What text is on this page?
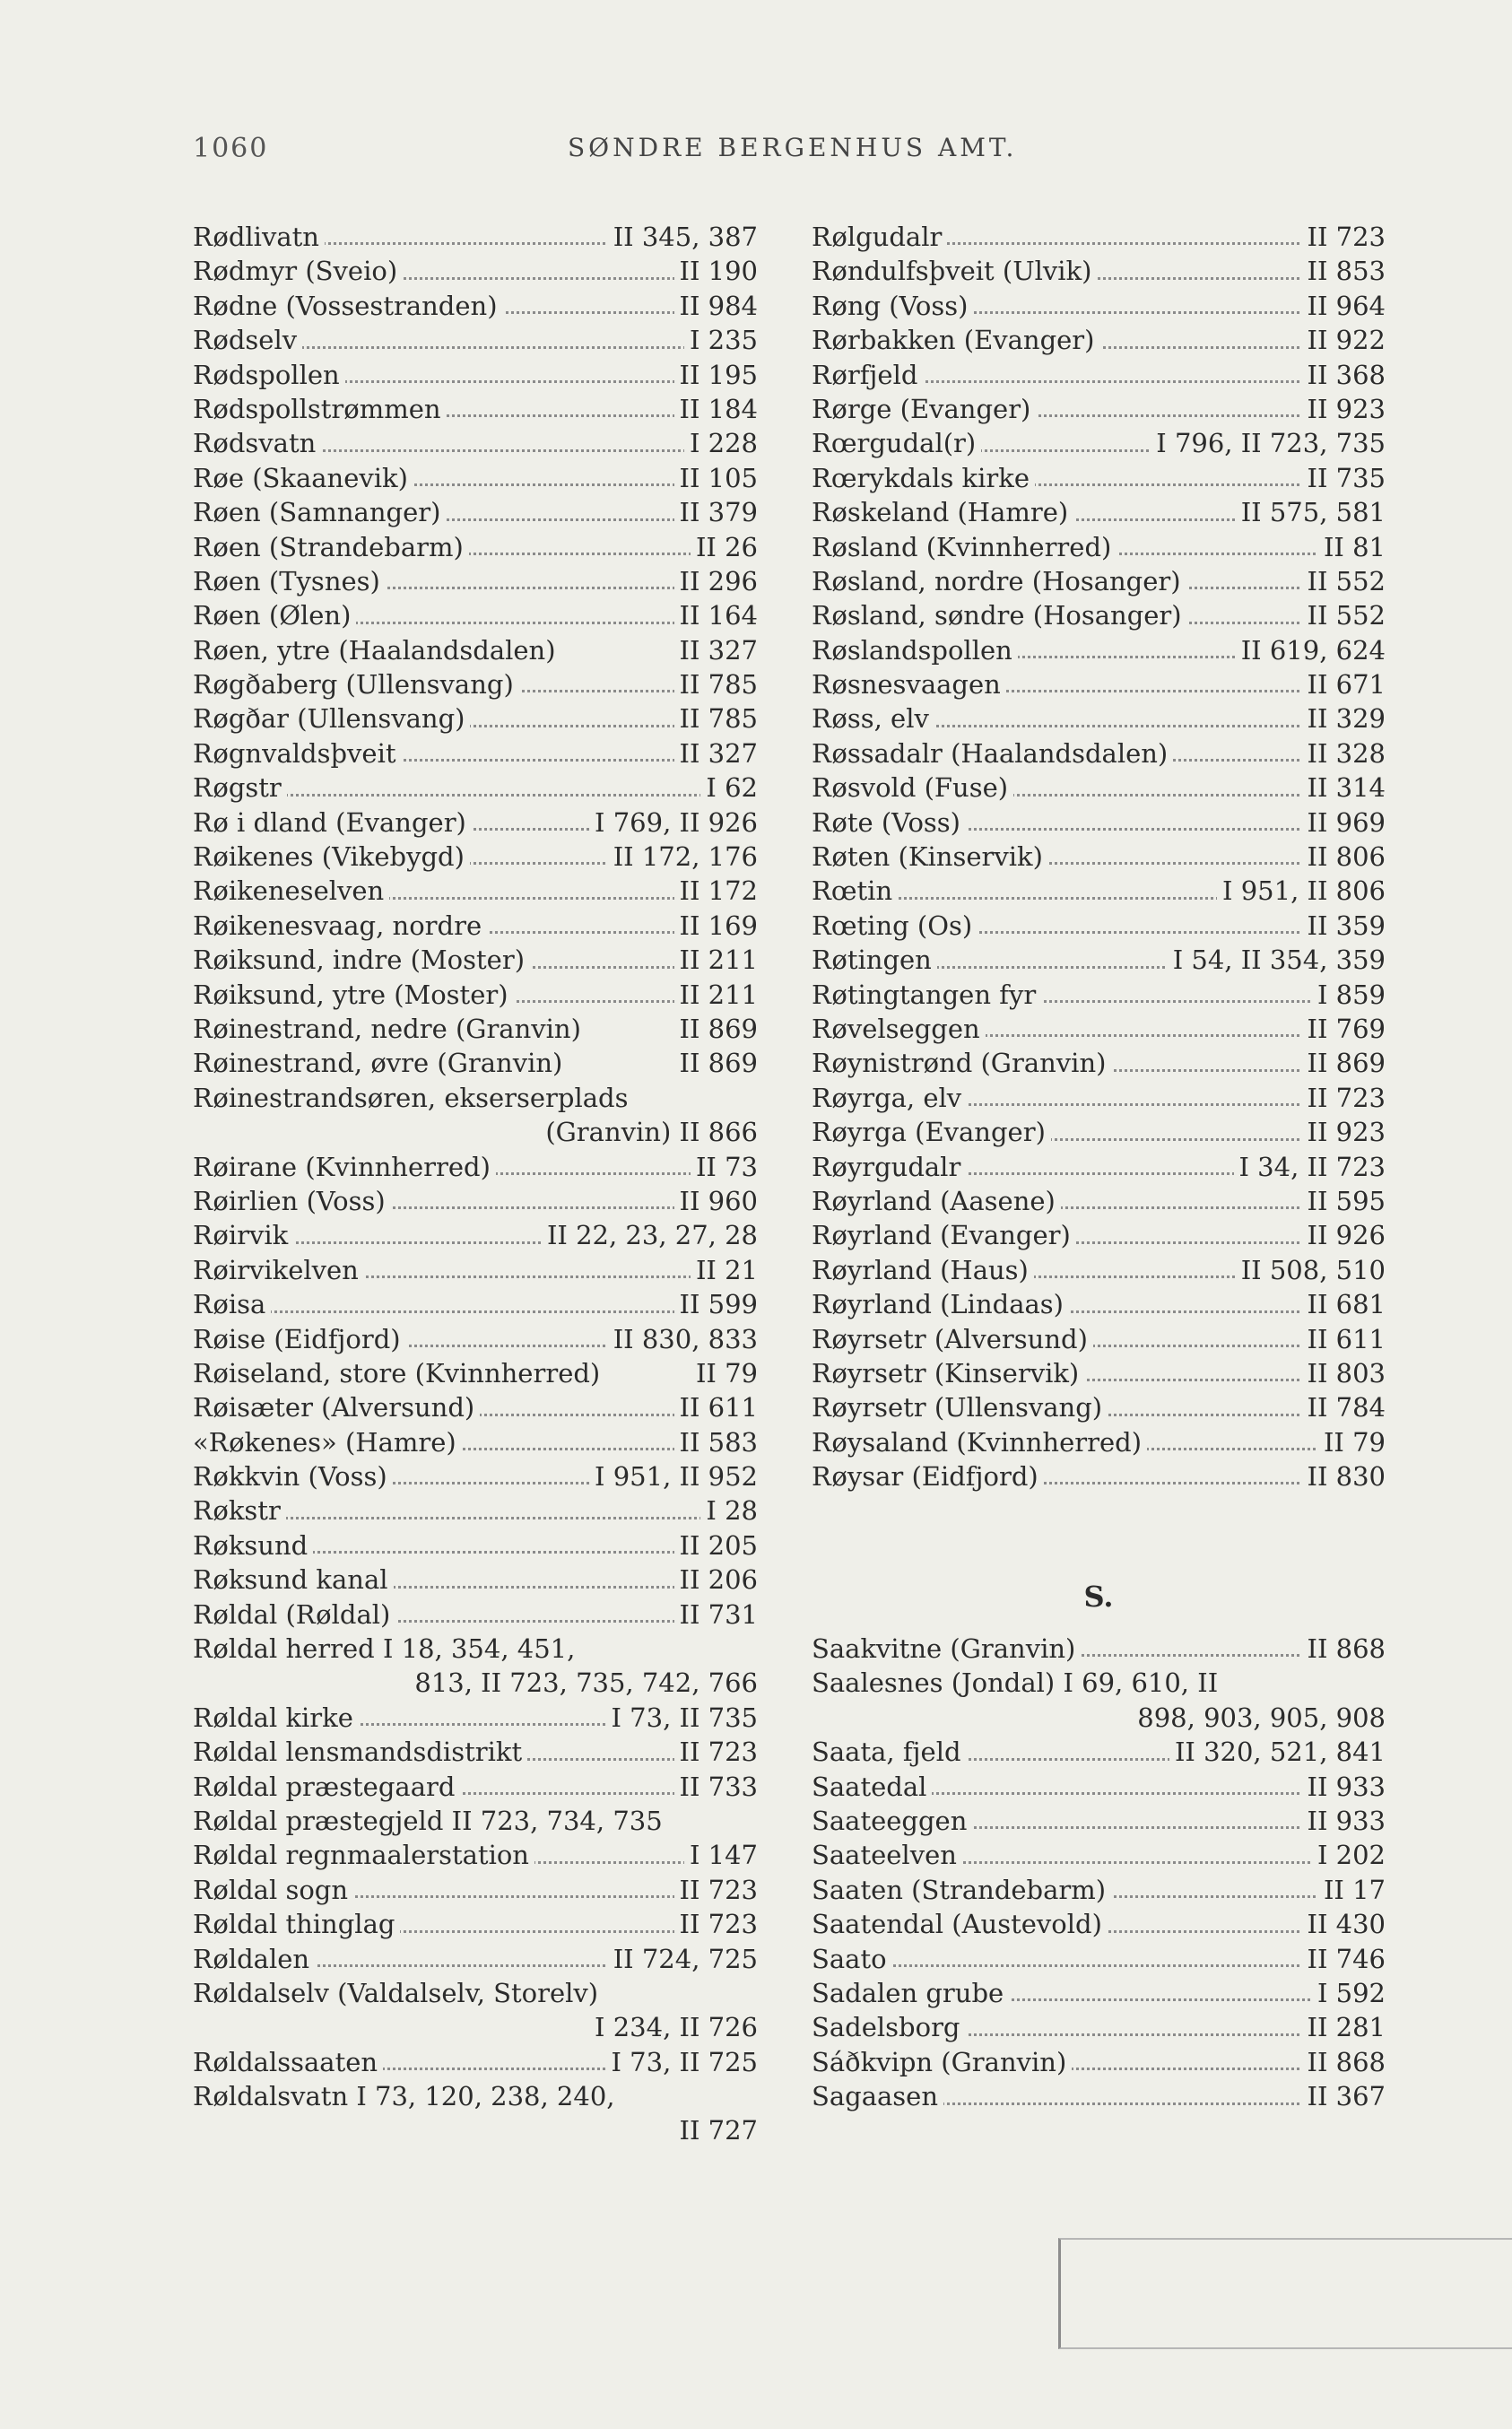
1060	SØNDRE BERGENHUS AMT.
Rødlivatn	II 345, 387
Rødmyr (Sveio)	II 190
Rødne (Vossestranden)	II 984
Rødselv	I 235
Rødspollen	II 195
Rødspollstrømmen	II 184
Rødsvatn	I 228
Røe (Skaanevik)	II 105
Røen (Samnanger)	II 379
Røen (Strandebarm)	II 26
Røen (Tysnes)	II 296
Røen (Ølen)	II 164
Røen, ytre (Haalandsdalen)	II 327
Røgðaberg (Ullensvang)	II 785
Røgðar (Ullensvang)	II 785
Røgnvaldsþveit	II 327
Røgstr	I 62
Rø i dland (Evanger)	I 769, II 926
Røikenes (Vikebygd)	II 172, 176
Røikeneselven	II 172
Røikenesvaag, nordre	II 169
Røiksund, indre (Moster)	II 211
Røiksund, ytre (Moster)	II 211
Røinestrand, nedre (Granvin)	II 869
Røinestrand, øvre (Granvin)	II 869
Røinestrandsøren, ekserserplads
(Granvin) II 866
Røirane (Kvinnherred)	II 73
Røirlien (Voss)	II 960
Røirvik	II 22, 23, 27, 28
Røirvikelven	II 21
Røisa	II 599
Røise (Eidfjord)	II 830, 833
Røiseland, store (Kvinnherred)	II 79
Røisæter (Alversund)	II 611
«Røkenes» (Hamre)	II 583
Røkkvin (Voss)	I 951, II 952
Røkstr	I 28
Røksund	II 205
Røksund kanal	II 206
Røldal (Røldal)	II 731
Røldal herred I 18, 354, 451,
813, II 723, 735, 742, 766
Røldal kirke	I 73, II 735
Røldal lensmandsdistrikt	II 723
Røldal præstegaard	II 733
Røldal præstegjeld II 723, 734, 735
Røldal regnmaalerstation	I 147
Røldal sogn	II 723
Røldal thinglag	II 723
Røldalen	II 724, 725
Røldalselv (Valdalselv, Storelv)
I 234, II 726
Røldalssaaten	I 73, II 725
Røldalsvatn I 73, 120, 238, 240,
II 727
Rølgudalr	II 723
Røndulfsþveit (Ulvik)	II 853
Røng (Voss)	II 964
Rørbakken (Evanger)	II 922
Rørfjeld	II 368
Rørge (Evanger)	II 923
Rœrgudal(r)	I 796, II 723, 735
Rœrykdals kirke	II 735
Røskeland (Hamre)	II 575, 581
Røsland (Kvinnherred)	II 81
Røsland, nordre (Hosanger)	II 552
Røsland, søndre (Hosanger)	II 552
Røslandspollen	II 619, 624
Røsnesvaagen	II 671
Røss, elv	II 329
Røssadalr (Haalandsdalen)	II 328
Røsvold (Fuse)	II 314
Røte (Voss)	II 969
Røten (Kinservik)	II 806
Rœtin	I 951, II 806
Rœting (Os)	II 359
Røtingen	I 54, II 354, 359
Røtingtangen fyr	I 859
Røvelseggen	II 769
Røynistrønd (Granvin)	II 869
Røyrga, elv	II 723
Røyrga (Evanger)	II 923
Røyrgudalr	I 34, II 723
Røyrland (Aasene)	II 595
Røyrland (Evanger)	II 926
Røyrland (Haus)	II 508, 510
Røyrland (Lindaas)	II 681
Røyrsetr (Alversund)	II 611
Røyrsetr (Kinservik)	II 803
Røyrsetr (Ullensvang)	II 784
Røysaland (Kvinnherred)	II 79
Røysar (Eidfjord)	II 830
S.
Saakvitne (Granvin)	II 868
Saalesnes (Jondal) I 69, 610, II
898, 903, 905, 908
Saata, fjeld	II 320, 521, 841
Saatedal	II 933
Saateeggen	II 933
Saateelven	I 202
Saaten (Strandebarm)	II 17
Saatendal (Austevold)	II 430
Saato	II 746
Sadalen grube	I 592
Sadelsborg	II 281
Sáðkvipn (Granvin)	II 868
Sagaasen	II 367
